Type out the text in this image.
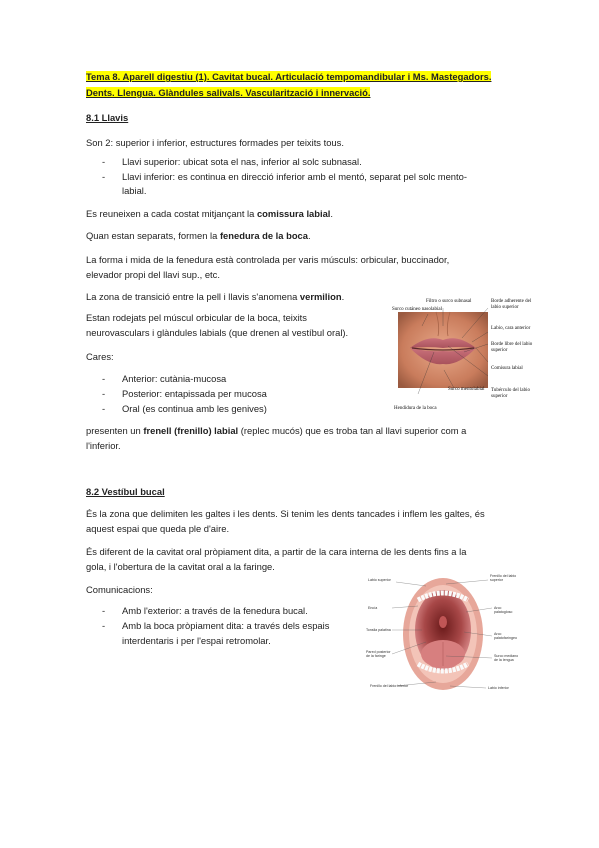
Tema 8. Aparell digestiu (1). Cavitat bucal. Articulació tempomandibular i Ms. Mastegadors.
Dents. Llengua. Glàndules salivals. Vascularització i innervació.
8.1 Llavis
Son 2: superior i inferior, estructures formades per teixits tous.
- Llavi superior: ubicat sota el nas, inferior al solc subnasal.
- Llavi inferior: es continua en direcció inferior amb el mentó, separat pel solc mento-
labial.
Es reuneixen a cada costat mitjançant la comissura labial.
Quan estan separats, formen la fenedura de la boca.
La forma i mida de la fenedura està controlada per varis músculs: orbicular, buccinador,
elevador propi del llavi sup., etc.
La zona de transició entre la pell i llavis s'anomena vermilion.
Estan rodejats pel múscul orbicular de la boca, teixits
neurovasculars i glàndules labials (que drenen al vestíbul oral).
Cares:
- Anterior: cutània-mucosa
- Posterior: entapissada per mucosa
- Oral (es continua amb les genives)
presenten un frenell (frenillo) labial (replec mucós) que es troba tan al llavi superior com a
l'inferior.
Filtro o surco subnasal
Surco cutáneo nasolabial
Borde adherente del labio superior
Labio, cara anterior
Borde libre del labio superior
Comisura labial
Surco mentolabial Tubérculo del labio superior
Hendidura de la boca
8.2 Vestíbul bucal
És la zona que delimiten les galtes i les dents. Si tenim les dents tancades i inflem les galtes, és
aquest espai que queda ple d'aire.
És diferent de la cavitat oral pròpiament dita, a partir de la cara interna de les dents fins a la
gola, i l'obertura de la cavitat oral a la faringe.
Comunicacions:
- Amb l'exterior: a través de la fenedura bucal.
- Amb la boca pròpiament dita: a través dels espais
interdentaris i per l'espai retromolar.
Labio superior
Frenillo del labio superior
Encía	Arco palatogloso
Tonsila palatina
Arco palatofaríngeo
Pared posterior de la faringe	Surco mediano de la lengua
Frenillo del labio inferior	Labio inferior
